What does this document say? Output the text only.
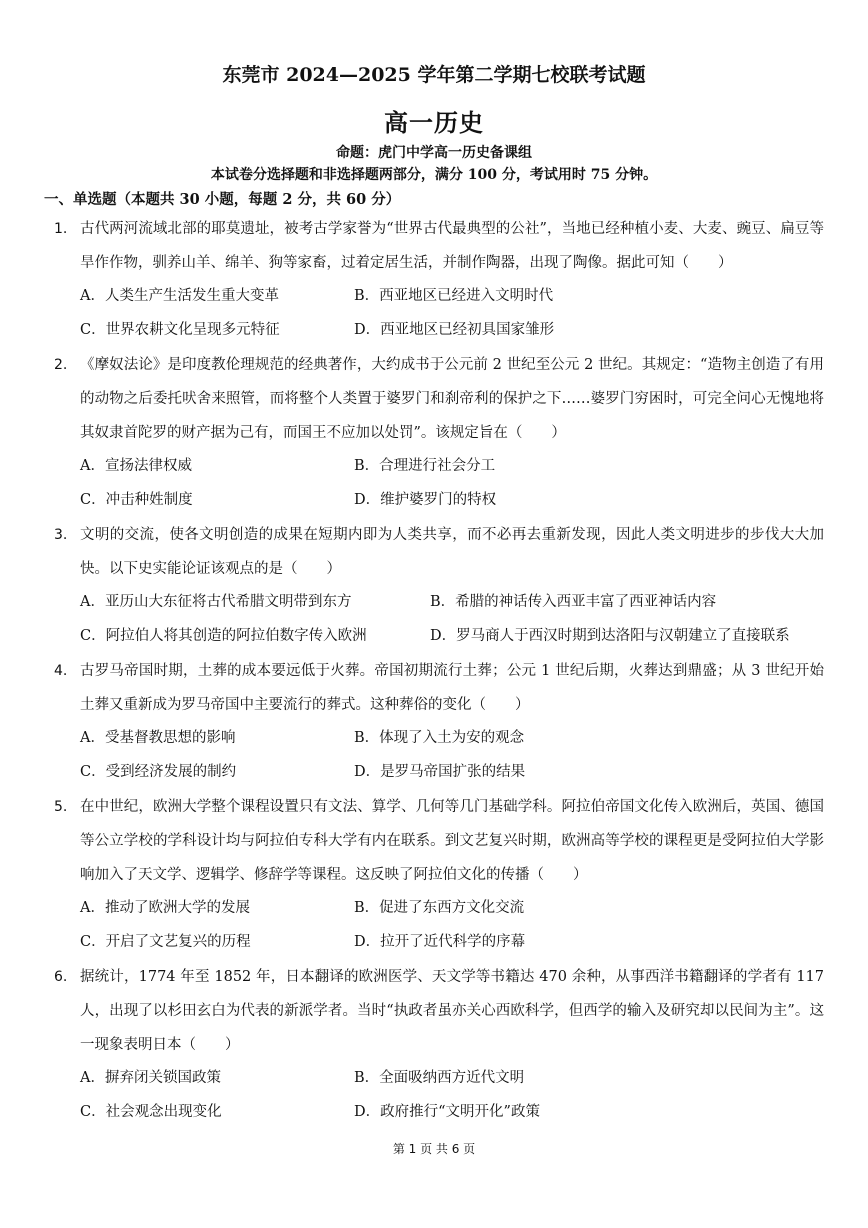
东莞市 2024—2025 学年第二学期七校联考试题
高一历史
命题：虎门中学高一历史备课组
本试卷分选择题和非选择题两部分，满分 100 分，考试用时 75 分钟。
一、单选题（本题共 30 小题，每题 2 分，共 60 分）
1. 古代两河流域北部的耶莫遗址，被考古学家誉为“世界古代最典型的公社”，当地已经种植小麦、大麦、豌豆、扁豆等旱作作物，驯养山羊、绵羊、狗等家畜，过着定居生活，并制作陶器，出现了陶像。据此可知（　　）
A．人类生产生活发生重大变革	B．西亚地区已经进入文明时代
C．世界农耕文化呈现多元特征	D．西亚地区已经初具国家雏形
2. 《摩奴法论》是印度教伦理规范的经典著作，大约成书于公元前 2 世纪至公元 2 世纪。其规定：“造物主创造了有用的动物之后委托吠舍来照管，而将整个人类置于婆罗门和刹帝利的保护之下……婆罗门穷困时，可完全问心无愧地将其奴隶首陀罗的财产据为己有，而国王不应加以处罚”。该规定旨在（　　）
A．宣扬法律权威	B．合理进行社会分工
C．冲击种姓制度	D．维护婆罗门的特权
3. 文明的交流，使各文明创造的成果在短期内即为人类共享，而不必再去重新发现，因此人类文明进步的步伐大大加快。以下史实能论证该观点的是（　　）
A．亚历山大东征将古代希腊文明带到东方	B．希腊的神话传入西亚丰富了西亚神话内容
C．阿拉伯人将其创造的阿拉伯数字传入欧洲	D．罗马商人于西汉时期到达洛阳与汉朝建立了直接联系
4. 古罗马帝国时期，土葬的成本要远低于火葬。帝国初期流行土葬；公元 1 世纪后期，火葬达到鼎盛；从 3 世纪开始土葬又重新成为罗马帝国中主要流行的葬式。这种葬俗的变化（　　）
A．受基督教思想的影响	B．体现了入土为安的观念
C．受到经济发展的制约	D．是罗马帝国扩张的结果
5. 在中世纪，欧洲大学整个课程设置只有文法、算学、几何等几门基础学科。阿拉伯帝国文化传入欧洲后，英国、德国等公立学校的学科设计均与阿拉伯专科大学有内在联系。到文艺复兴时期，欧洲高等学校的课程更是受阿拉伯大学影响加入了天文学、逻辑学、修辞学等课程。这反映了阿拉伯文化的传播（　　）
A．推动了欧洲大学的发展	B．促进了东西方文化交流
C．开启了文艺复兴的历程	D．拉开了近代科学的序幕
6. 据统计，1774 年至 1852 年，日本翻译的欧洲医学、天文学等书籍达 470 余种，从事西洋书籍翻译的学者有 117 人，出现了以杉田玄白为代表的新派学者。当时“执政者虽亦关心西欧科学，但西学的输入及研究却以民间为主”。这一现象表明日本（　　）
A．摒弃闭关锁国政策	B．全面吸纳西方近代文明
C．社会观念出现变化	D．政府推行“文明开化”政策
第 1 页 共 6 页
